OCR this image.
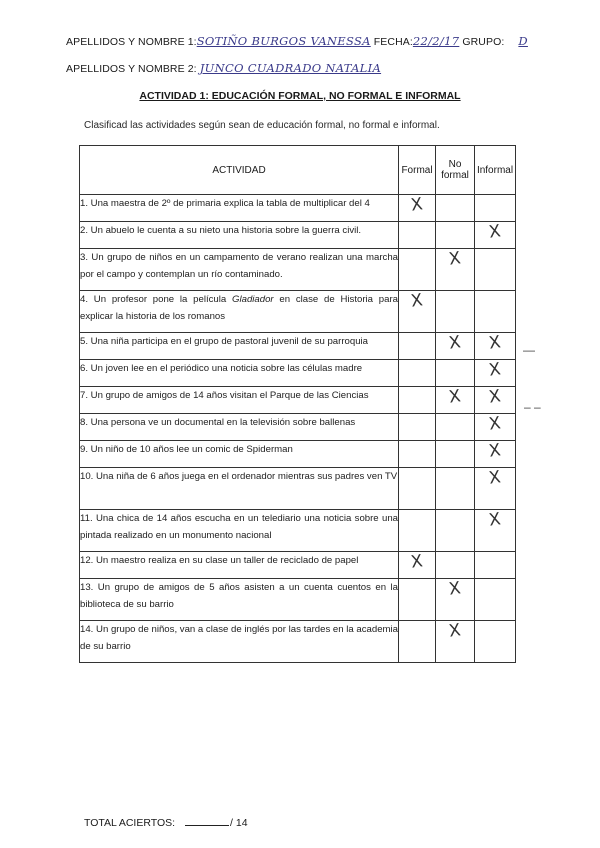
APELLIDOS Y NOMBRE 1:SOTIÑO BURGOS VANESSA FECHA:22/2/17 GRUPO: D
APELLIDOS Y NOMBRE 2: JUNCO CUADRADO NATALIA
ACTIVIDAD 1: EDUCACIÓN FORMAL, NO FORMAL E INFORMAL
Clasificad las actividades según sean de educación formal, no formal e informal.
ACTIVIDAD	Formal	No formal	Informal
1. Una maestra de 2º de primaria explica la tabla de multiplicar del 4	X		
2. Un abuelo le cuenta a su nieto una historia sobre la guerra civil.			X
3. Un grupo de niños en un campamento de verano realizan una marcha por el campo y contemplan un río contaminado.		X	
4. Un profesor pone la película Gladiador en clase de Historia para explicar la historia de los romanos	X		
5. Una niña participa en el grupo de pastoral juvenil de su parroquia		X	X
6. Un joven lee en el periódico una noticia sobre las células madre			X
7. Un grupo de amigos de 14 años visitan el Parque de las Ciencias		X	X
8. Una persona ve un documental en la televisión sobre ballenas			X
9. Un niño de 10 años lee un comic de Spiderman			X
10. Una niña de 6 años juega en el ordenador mientras sus padres ven TV			X
11. Una chica de 14 años escucha en un telediario una noticia sobre una pintada realizado en un monumento nacional			X
12. Un maestro realiza en su clase un taller de reciclado de papel	X		
13. Un grupo de amigos de 5 años asisten a un cuenta cuentos en la biblioteca de su barrio		X	
14. Un grupo de niños, van a clase de inglés por las tardes en la academia de su barrio		X	
—
– –
TOTAL ACIERTOS:	/ 14
